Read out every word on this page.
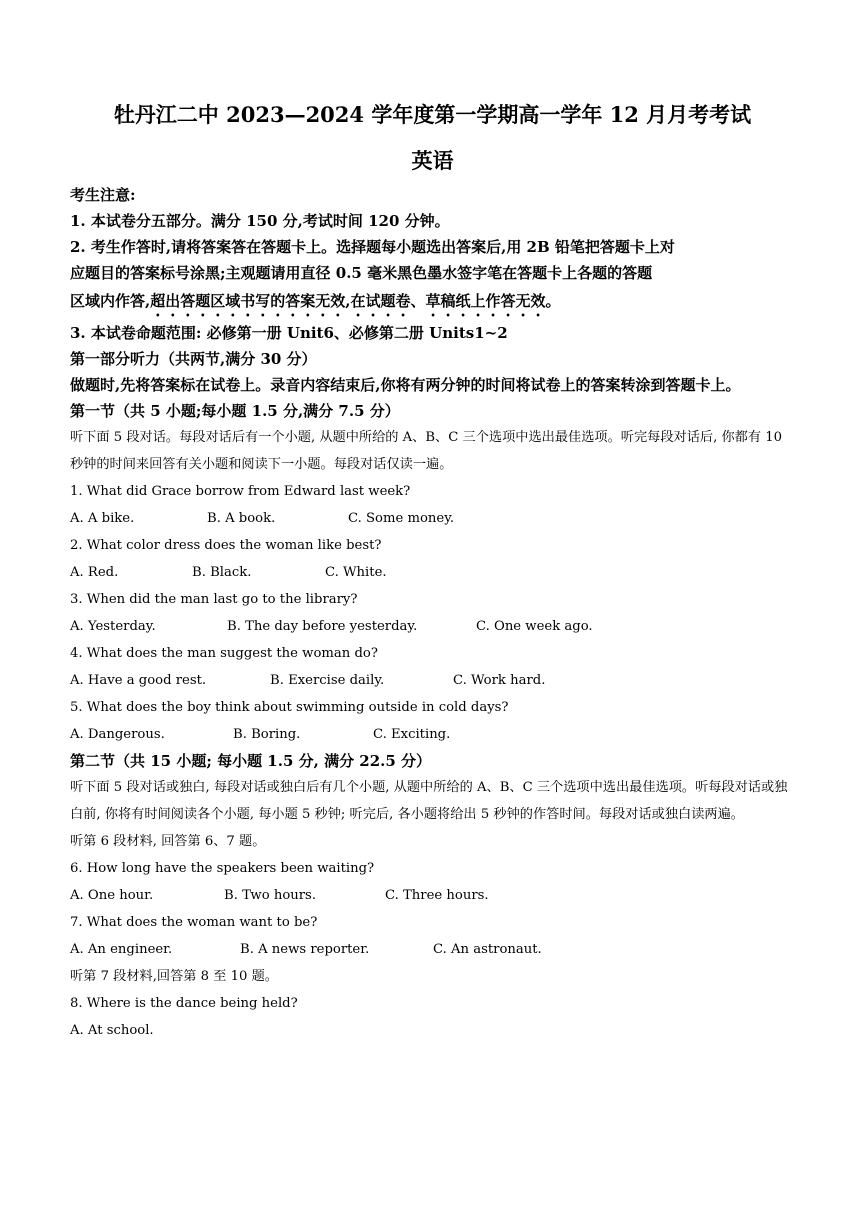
牡丹江二中 2023—2024 学年度第一学期高一学年 12 月月考考试
英语
考生注意:
1. 本试卷分五部分。满分 150 分,考试时间 120 分钟。
2. 考生作答时,请将答案答在答题卡上。选择题每小题选出答案后,用 2B 铅笔把答题卡上对
应题目的答案标号涂黑;主观题请用直径 0.5 毫米黑色墨水签字笔在答题卡上各题的答题
区域内作答,超出答题区域书写的答案无效,在试题卷、草稿纸上作答无效。
3. 本试卷命题范围: 必修第一册 Unit6、必修第二册 Units1~2
第一部分听力（共两节,满分 30 分）
做题时,先将答案标在试卷上。录音内容结束后,你将有两分钟的时间将试卷上的答案转涂到答题卡上。
第一节（共 5 小题;每小题 1.5 分,满分 7.5 分）
听下面 5 段对话。每段对话后有一个小题, 从题中所给的 A、B、C 三个选项中选出最佳选项。听完每段对话后, 你都有 10 秒钟的时间来回答有关小题和阅读下一小题。每段对话仅读一遍。
1. What did Grace borrow from Edward last week?
A. A bike.	B. A book.	C. Some money.
2. What color dress does the woman like best?
A. Red.	B. Black.	C. White.
3. When did the man last go to the library?
A. Yesterday.	B. The day before yesterday.	C. One week ago.
4. What does the man suggest the woman do?
A. Have a good rest.	B. Exercise daily.	C. Work hard.
5. What does the boy think about swimming outside in cold days?
A. Dangerous.	B. Boring.	C. Exciting.
第二节（共 15 小题; 每小题 1.5 分, 满分 22.5 分）
听下面 5 段对话或独白, 每段对话或独白后有几个小题, 从题中所给的 A、B、C 三个选项中选出最佳选项。听每段对话或独白前, 你将有时间阅读各个小题, 每小题 5 秒钟; 听完后, 各小题将给出 5 秒钟的作答时间。每段对话或独白读两遍。
听第 6 段材料, 回答第 6、7 题。
6. How long have the speakers been waiting?
A. One hour.	B. Two hours.	C. Three hours.
7. What does the woman want to be?
A. An engineer.	B. A news reporter.	C. An astronaut.
听第 7 段材料,回答第 8 至 10 题。
8. Where is the dance being held?
A. At school.
